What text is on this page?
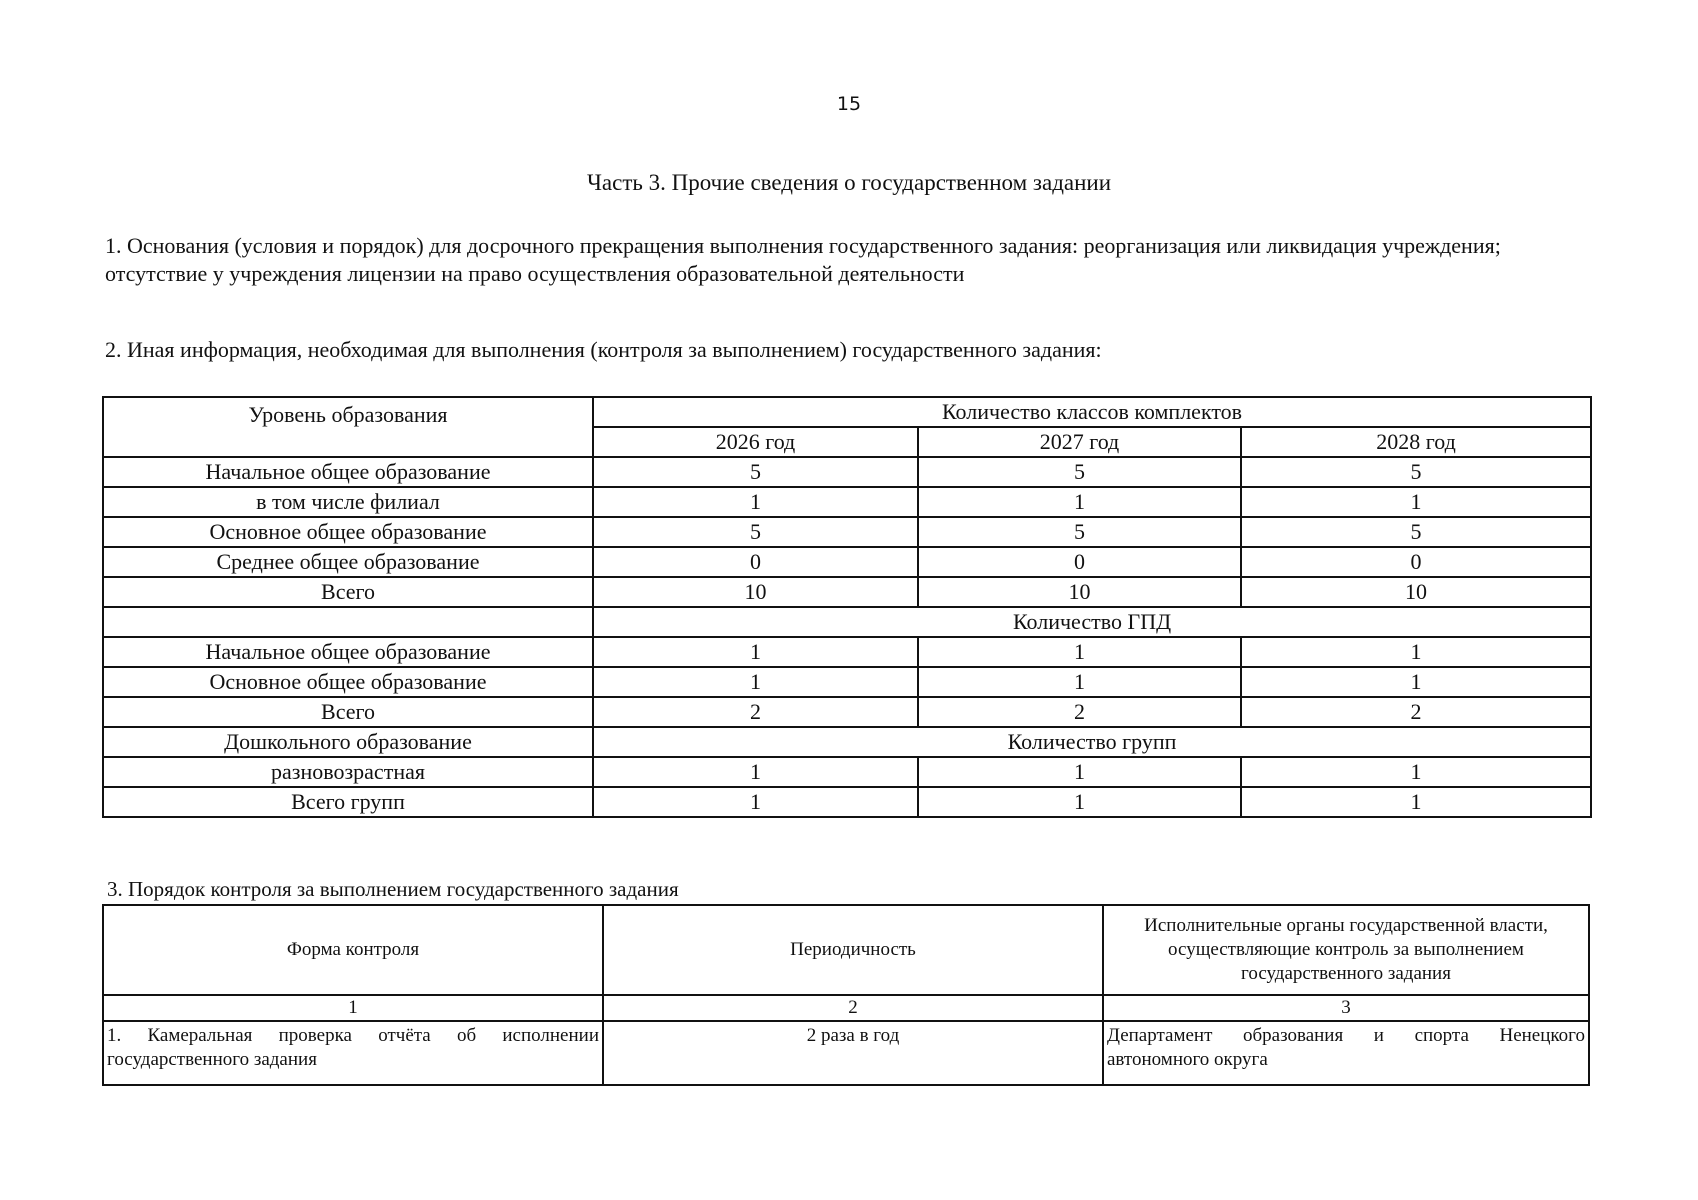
15
Часть 3. Прочие сведения о государственном задании
1. Основания (условия и порядок) для досрочного прекращения выполнения государственного задания: реорганизация или ликвидация учреждения; отсутствие у учреждения лицензии на право осуществления образовательной деятельности
2. Иная информация, необходимая для выполнения (контроля за выполнением) государственного задания:
Уровень образования	Количество классов комплектов		
	2026 год	2027 год	2028 год
Начальное общее образование	5	5	5
в том числе филиал	1	1	1
Основное общее образование	5	5	5
Среднее общее образование	0	0	0
Всего	10	10	10
	Количество ГПД		
Начальное общее образование	1	1	1
Основное общее образование	1	1	1
Всего	2	2	2
Дошкольного образование	Количество групп		
разновозрастная	1	1	1
Всего групп	1	1	1
3. Порядок контроля за выполнением государственного задания
Форма контроля	Периодичность	Исполнительные органы государственной власти, осуществляющие контроль за выполнением государственного задания
1	2	3
1. Камеральная проверка отчёта об исполнении государственного задания	2 раза в год	Департамент образования и спорта Ненецкого автономного округа
